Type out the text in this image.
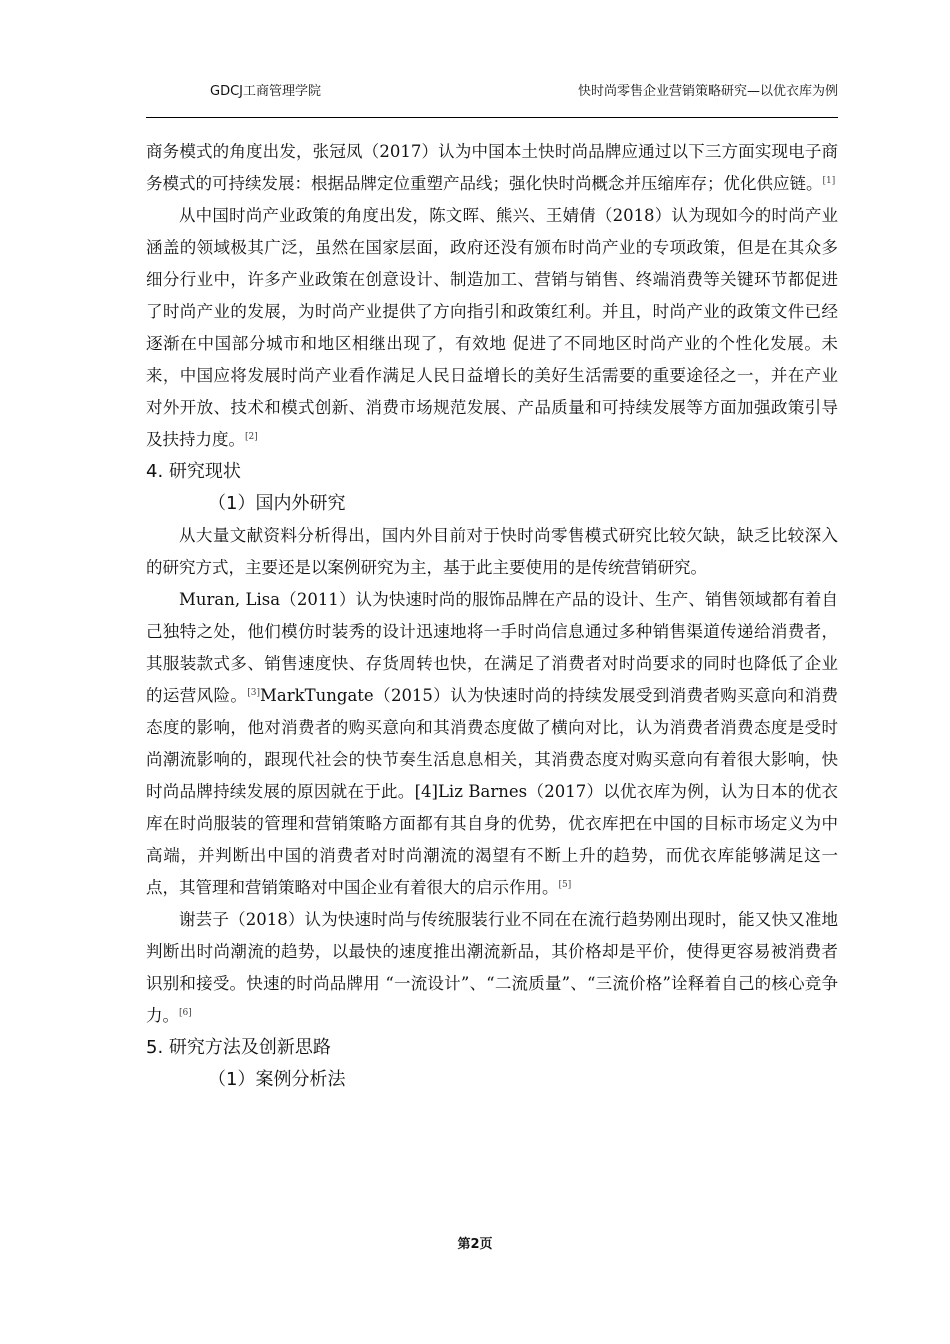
GDCJ工商管理学院	快时尚零售企业营销策略研究—以优衣库为例

商务模式的角度出发，张冠凤（2017）认为中国本土快时尚品牌应通过以下三方面实现电子商务模式的可持续发展：根据品牌定位重塑产品线；强化快时尚概念并压缩库存；优化供应链。[1]

从中国时尚产业政策的角度出发，陈文晖、熊兴、王婧倩（2018）认为现如今的时尚产业涵盖的领域极其广泛，虽然在国家层面，政府还没有颁布时尚产业的专项政策，但是在其众多细分行业中，许多产业政策在创意设计、制造加工、营销与销售、终端消费等关键环节都促进了时尚产业的发展，为时尚产业提供了方向指引和政策红利。并且，时尚产业的政策文件已经逐渐在中国部分城市和地区相继出现了，有效地 促进了不同地区时尚产业的个性化发展。未来，中国应将发展时尚产业看作满足人民日益增长的美好生活需要的重要途径之一，并在产业对外开放、技术和模式创新、消费市场规范发展、产品质量和可持续发展等方面加强政策引导及扶持力度。[2]

4. 研究现状
（1）国内外研究

从大量文献资料分析得出，国内外目前对于快时尚零售模式研究比较欠缺，缺乏比较深入的研究方式，主要还是以案例研究为主，基于此主要使用的是传统营销研究。

Muran, Lisa（2011）认为快速时尚的服饰品牌在产品的设计、生产、销售领域都有着自己独特之处，他们模仿时装秀的设计迅速地将一手时尚信息通过多种销售渠道传递给消费者，其服装款式多、销售速度快、存货周转也快，在满足了消费者对时尚要求的同时也降低了企业的运营风险。[3]MarkTungate（2015）认为快速时尚的持续发展受到消费者购买意向和消费态度的影响，他对消费者的购买意向和其消费态度做了横向对比，认为消费者消费态度是受时尚潮流影响的，跟现代社会的快节奏生活息息相关，其消费态度对购买意向有着很大影响，快时尚品牌持续发展的原因就在于此。[4]Liz Barnes（2017）以优衣库为例，认为日本的优衣库在时尚服装的管理和营销策略方面都有其自身的优势，优衣库把在中国的目标市场定义为中高端，并判断出中国的消费者对时尚潮流的渴望有不断上升的趋势，而优衣库能够满足这一点，其管理和营销策略对中国企业有着很大的启示作用。[5]

谢芸子（2018）认为快速时尚与传统服装行业不同在在流行趋势刚出现时，能又快又准地判断出时尚潮流的趋势，以最快的速度推出潮流新品，其价格却是平价，使得更容易被消费者识别和接受。快速的时尚品牌用 “一流设计”、“二流质量”、“三流价格”诠释着自己的核心竞争力。[6]

5. 研究方法及创新思路
（1）案例分析法
第2页
